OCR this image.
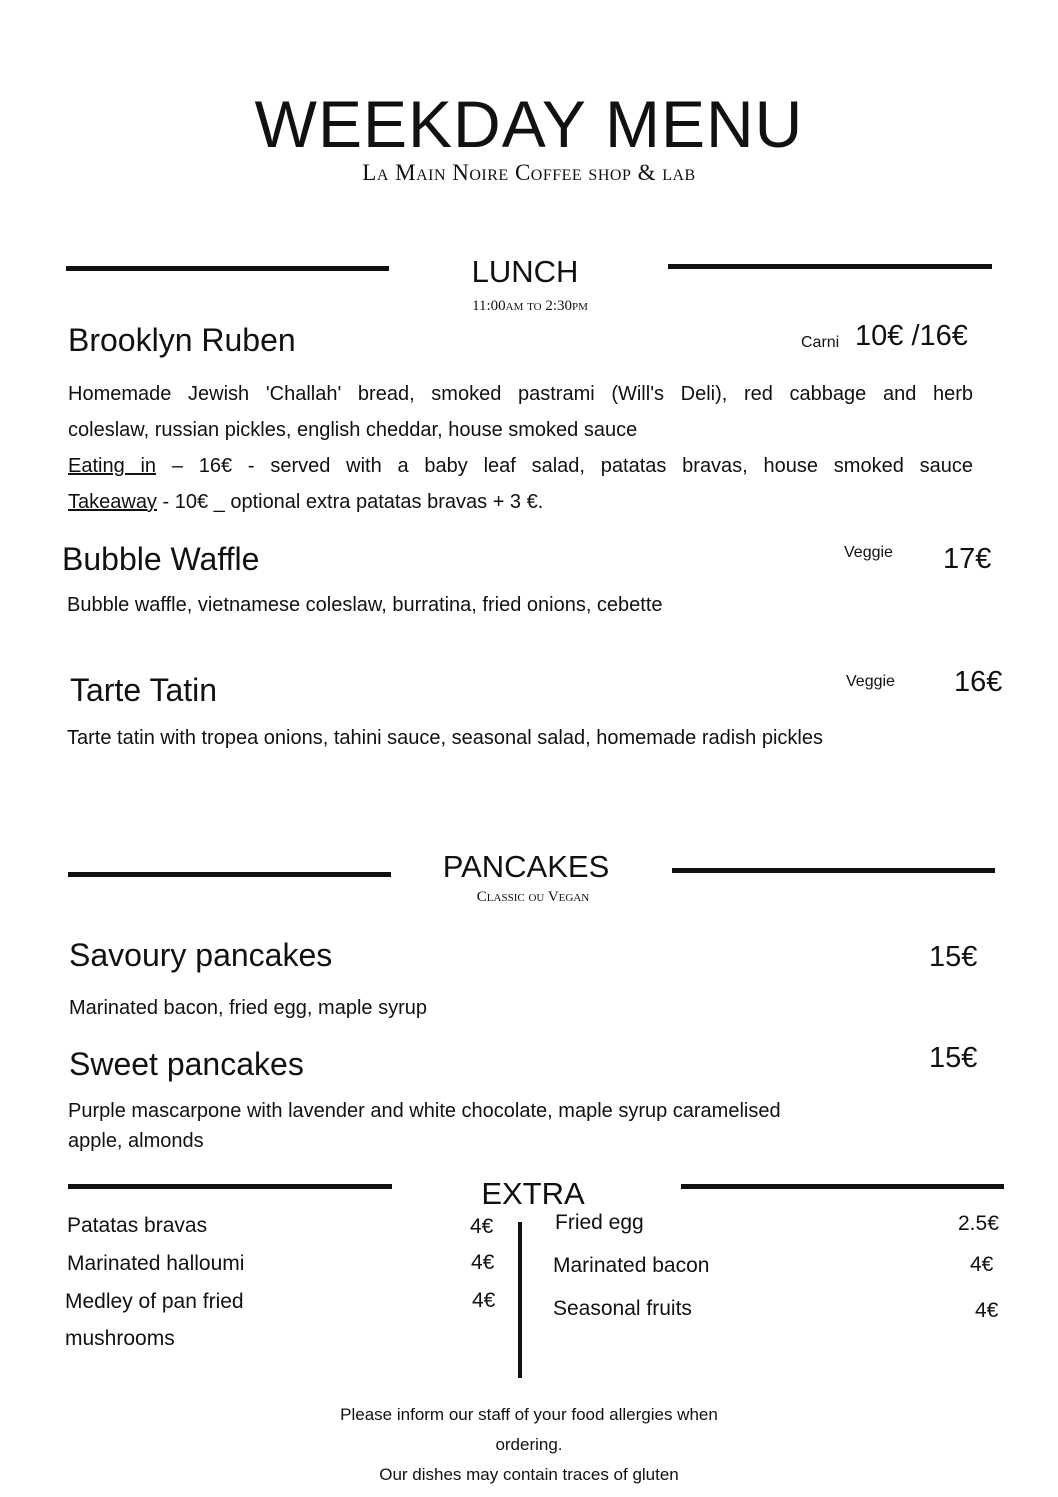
WEEKDAY MENU
La Main Noire Coffee shop & lab
LUNCH
11:00am to 2:30pm
Brooklyn Ruben	Carni 10€ /16€

Homemade Jewish 'Challah' bread, smoked pastrami (Will's Deli), red cabbage and herb

coleslaw, russian pickles, english cheddar, house smoked sauce

Eating in – 16€ - served with a baby leaf salad, patatas bravas, house smoked sauce

Takeaway - 10€ _ optional extra patatas bravas + 3 €.

Bubble Waffle	Veggie 17€
Bubble waffle, vietnamese coleslaw, burratina, fried onions, cebette
Tarte Tatin	Veggie 16€
Tarte tatin with tropea onions, tahini sauce, seasonal salad, homemade radish pickles
PANCAKES
Classic ou Vegan
Savoury pancakes	15€
Marinated bacon, fried egg, maple syrup
Sweet pancakes	15€
Purple mascarpone with lavender and white chocolate, maple syrup caramelised
apple, almonds
EXTRA
Patatas bravas	4€
Marinated halloumi	4€
Medley of pan fried
mushrooms
4€
Fried egg	2.5€
Marinated bacon	4€
Seasonal fruits	4€
Please inform our staff of your food allergies when
ordering.
Our dishes may contain traces of gluten
